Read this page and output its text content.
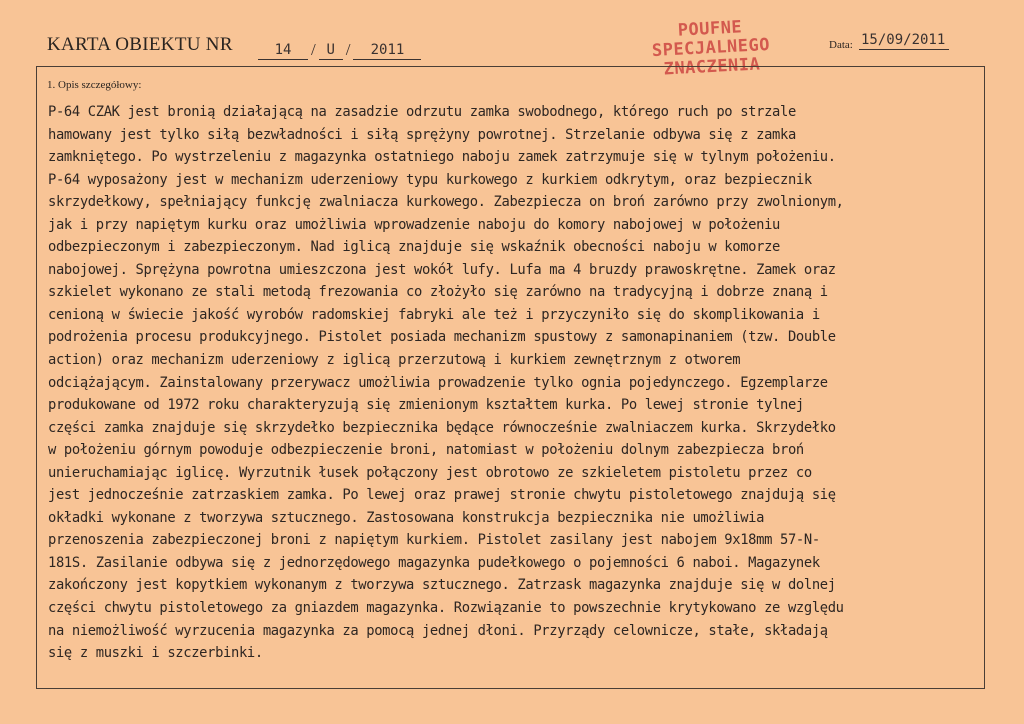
KARTA OBIEKTU NR	14	/ U /	2011
POUFNE
SPECJALNEGO
ZNACZENIA
Data: 15/09/2011
1. Opis szczegółowy:
P-64 CZAK jest bronią działającą na zasadzie odrzutu zamka swobodnego, którego ruch po strzale
hamowany jest tylko siłą bezwładności i siłą sprężyny powrotnej. Strzelanie odbywa się z zamka
zamkniętego. Po wystrzeleniu z magazynka ostatniego naboju zamek zatrzymuje się w tylnym położeniu.
P-64 wyposażony jest w mechanizm uderzeniowy typu kurkowego z kurkiem odkrytym, oraz bezpiecznik
skrzydełkowy, spełniający funkcję zwalniacza kurkowego. Zabezpiecza on broń zarówno przy zwolnionym,
jak i przy napiętym kurku oraz umożliwia wprowadzenie naboju do komory nabojowej w położeniu
odbezpieczonym i zabezpieczonym. Nad iglicą znajduje się wskaźnik obecności naboju w komorze
nabojowej. Sprężyna powrotna umieszczona jest wokół lufy. Lufa ma 4 bruzdy prawoskrętne. Zamek oraz
szkielet wykonano ze stali metodą frezowania co złożyło się zarówno na tradycyjną i dobrze znaną i
cenioną w świecie jakość wyrobów radomskiej fabryki ale też i przyczyniło się do skomplikowania i
podrożenia procesu produkcyjnego. Pistolet posiada mechanizm spustowy z samonapinaniem (tzw. Double
action) oraz mechanizm uderzeniowy z iglicą przerzutową i kurkiem zewnętrznym z otworem
odciążającym. Zainstalowany przerywacz umożliwia prowadzenie tylko ognia pojedynczego. Egzemplarze
produkowane od 1972 roku charakteryzują się zmienionym kształtem kurka. Po lewej stronie tylnej
części zamka znajduje się skrzydełko bezpiecznika będące równocześnie zwalniaczem kurka. Skrzydełko
w położeniu górnym powoduje odbezpieczenie broni, natomiast w położeniu dolnym zabezpiecza broń
unieruchamiając iglicę. Wyrzutnik łusek połączony jest obrotowo ze szkieletem pistoletu przez co
jest jednocześnie zatrzaskiem zamka. Po lewej oraz prawej stronie chwytu pistoletowego znajdują się
okładki wykonane z tworzywa sztucznego. Zastosowana konstrukcja bezpiecznika nie umożliwia
przenoszenia zabezpieczonej broni z napiętym kurkiem. Pistolet zasilany jest nabojem 9x18mm 57-N-
181S. Zasilanie odbywa się z jednorzędowego magazynka pudełkowego o pojemności 6 naboi. Magazynek
zakończony jest kopytkiem wykonanym z tworzywa sztucznego. Zatrzask magazynka znajduje się w dolnej
części chwytu pistoletowego za gniazdem magazynka. Rozwiązanie to powszechnie krytykowano ze względu
na niemożliwość wyrzucenia magazynka za pomocą jednej dłoni. Przyrządy celownicze, stałe, składają
się z muszki i szczerbinki.
